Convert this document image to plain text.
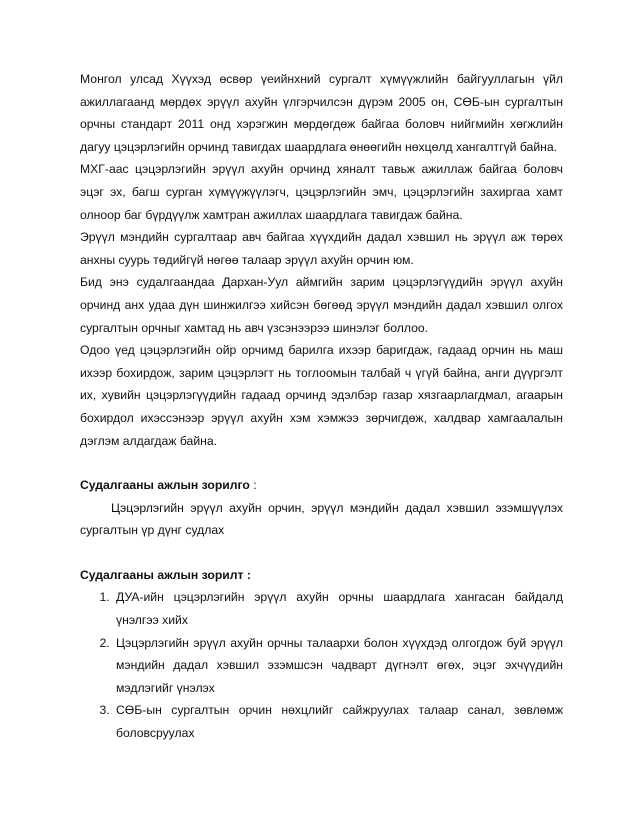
Монгол улсад Хүүхэд өсвөр үеийнхний сургалт хүмүүжлийн байгууллагын үйл ажиллагаанд мөрдөх эрүүл ахуйн үлгэрчилсэн дүрэм 2005 он, СӨБ-ын сургалтын орчны стандарт 2011 онд хэрэгжин мөрдөгдөж байгаа боловч нийгмийн хөгжлийн дагуу цэцэрлэгийн орчинд тавигдах шаардлага өнөөгийн нөхцөлд хангалтгүй байна.

МХГ-аас цэцэрлэгийн эрүүл ахуйн орчинд хяналт тавьж ажиллаж байгаа боловч эцэг эх, багш сурган хүмүүжүүлэгч, цэцэрлэгийн эмч, цэцэрлэгийн захиргаа хамт олноор баг бүрдүүлж хамтран ажиллах шаардлага тавигдаж байна.

Эрүүл мэндийн сургалтаар авч байгаа хүүхдийн дадал хэвшил нь эрүүл аж төрөх анхны суурь төдийгүй нөгөө талаар эрүүл ахуйн орчин юм.

Бид энэ судалгаандаа Дархан-Уул аймгийн зарим цэцэрлэгүүдийн эрүүл ахуйн орчинд анх удаа дүн шинжилгээ хийсэн бөгөөд эрүүл мэндийн дадал хэвшил олгох сургалтын орчныг хамтад нь авч үзсэнээрээ шинэлэг боллоо.

Одоо үед цэцэрлэгийн ойр орчимд барилга ихээр баригдаж, гадаад орчин нь маш ихээр бохирдож, зарим цэцэрлэгт нь тоглоомын талбай ч үгүй байна, анги дүүргэлт их, хувийн цэцэрлэгүүдийн гадаад орчинд эдэлбэр газар хязгаарлагдмал, агаарын бохирдол ихэссэнээр эрүүл ахуйн хэм хэмжээ зөрчигдөж, халдвар хамгаалалын дэглэм алдагдаж байна.

Судалгааны ажлын зорилго :

Цэцэрлэгийн эрүүл ахуйн орчин, эрүүл мэндийн дадал хэвшил эзэмшүүлэх сургалтын үр дүнг судлах

Судалгааны ажлын зорилт :

1. ДУА-ийн цэцэрлэгийн эрүүл ахуйн орчны шаардлага хангасан байдалд үнэлгээ хийх
2. Цэцэрлэгийн эрүүл ахуйн орчны талаархи болон хүүхдэд олгогдож буй эрүүл мэндийн дадал хэвшил эзэмшсэн чадварт дүгнэлт өгөх, эцэг эхчүүдийн мэдлэгийг үнэлэх
3. СӨБ-ын сургалтын орчин нөхцлийг сайжруулах талаар санал, зөвлөмж боловсруулах
